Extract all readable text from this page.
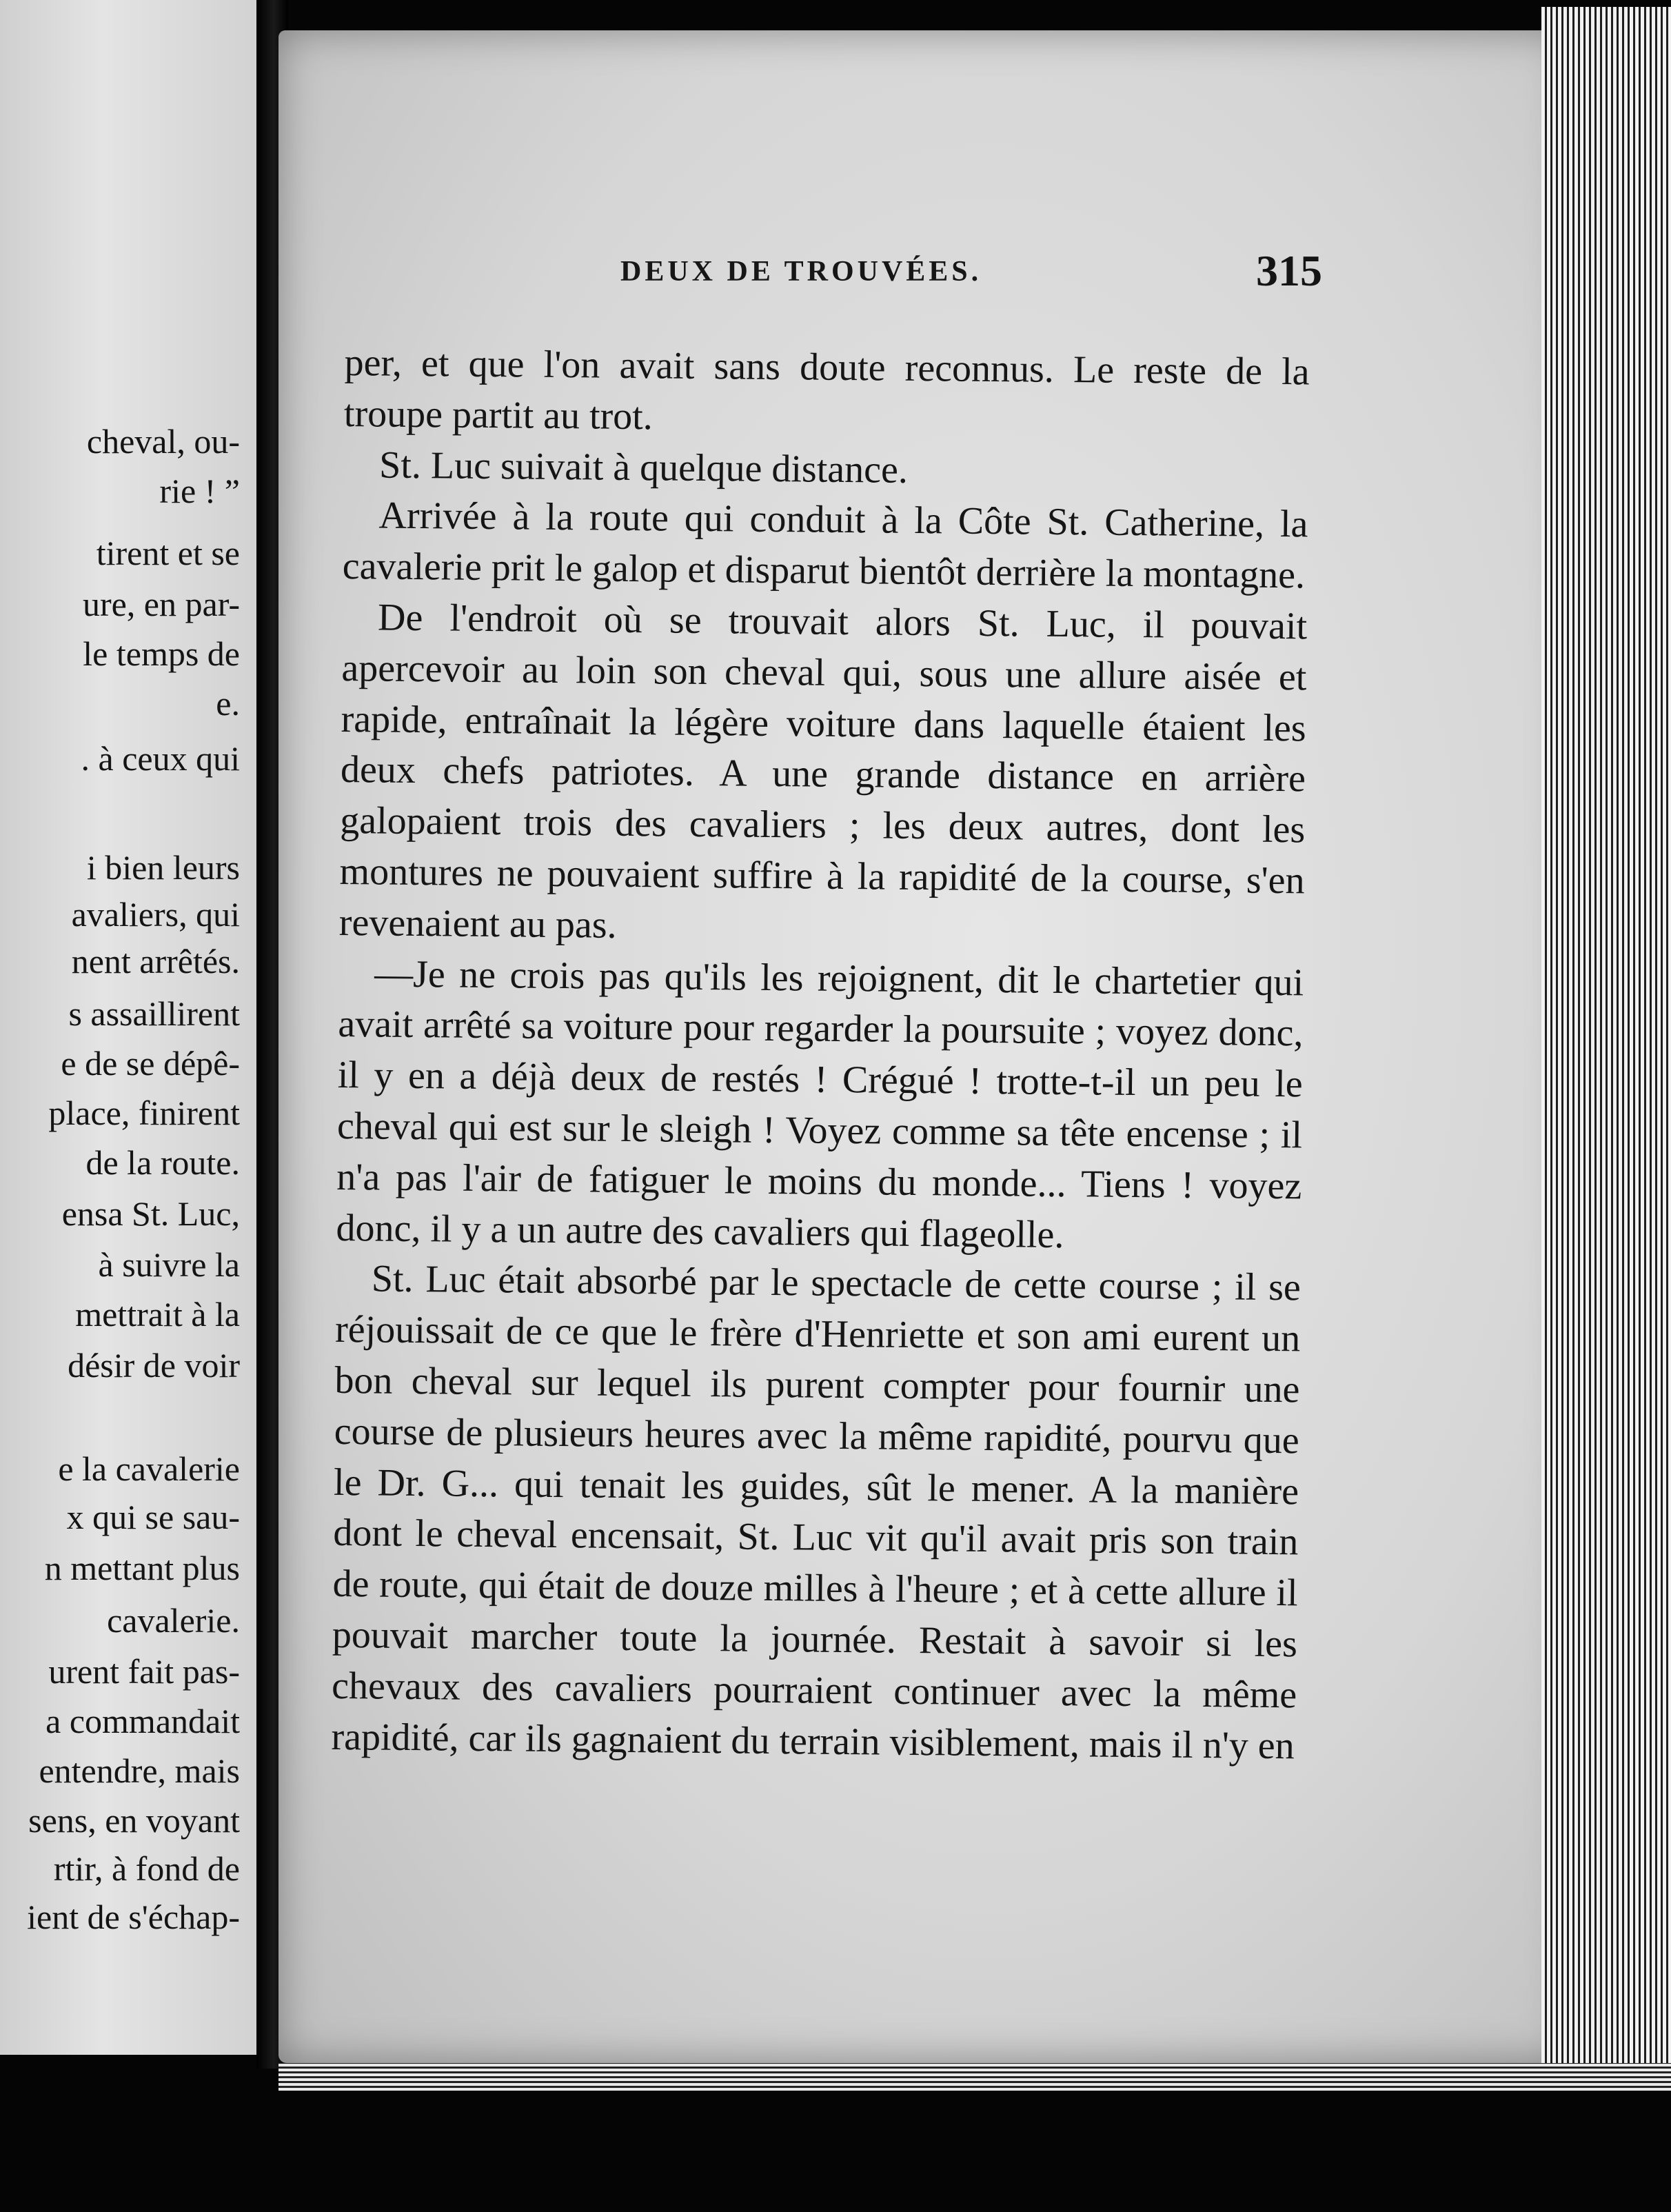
cheval, ou-
rie ! ”
tirent et se
ure, en par-
le temps de
e.
. à ceux qui
i bien leurs
avaliers, qui
nent arrêtés.
s assaillirent
e de se dépê-
place, finirent
de la route.
ensa St. Luc,
à suivre la
mettrait à la
désir de voir
e la cavalerie
x qui se sau-
n mettant plus
cavalerie.
urent fait pas-
a commandait
entendre, mais
sens, en voyant
rtir, à fond de
ient de s'échap-
DEUX DE TROUVÉES.	315

per, et que l'on avait sans doute reconnus. Le reste de la troupe partit au trot.

St. Luc suivait à quelque distance.

Arrivée à la route qui conduit à la Côte St. Catherine, la cavalerie prit le galop et disparut bientôt derrière la montagne.

De l'endroit où se trouvait alors St. Luc, il pouvait apercevoir au loin son cheval qui, sous une allure aisée et rapide, entraînait la légère voiture dans laquelle étaient les deux chefs patriotes. A une grande distance en arrière galopaient trois des cavaliers ; les deux autres, dont les montures ne pouvaient suffire à la rapidité de la course, s'en revenaient au pas.

—Je ne crois pas qu'ils les rejoignent, dit le chartetier qui avait arrêté sa voiture pour regarder la poursuite ; voyez donc, il y en a déjà deux de restés ! Crégué ! trotte-t-il un peu le cheval qui est sur le sleigh ! Voyez comme sa tête encense ; il n'a pas l'air de fatiguer le moins du monde... Tiens ! voyez donc, il y a un autre des cavaliers qui flageolle.

St. Luc était absorbé par le spectacle de cette course ; il se réjouissait de ce que le frère d'Henriette et son ami eurent un bon cheval sur lequel ils purent compter pour fournir une course de plusieurs heures avec la même rapidité, pourvu que le Dr. G... qui tenait les guides, sût le mener. A la manière dont le cheval encensait, St. Luc vit qu'il avait pris son train de route, qui était de douze milles à l'heure ; et à cette allure il pouvait marcher toute la journée. Restait à savoir si les chevaux des cavaliers pourraient continuer avec la même rapidité, car ils gagnaient du terrain visiblement, mais il n'y en
